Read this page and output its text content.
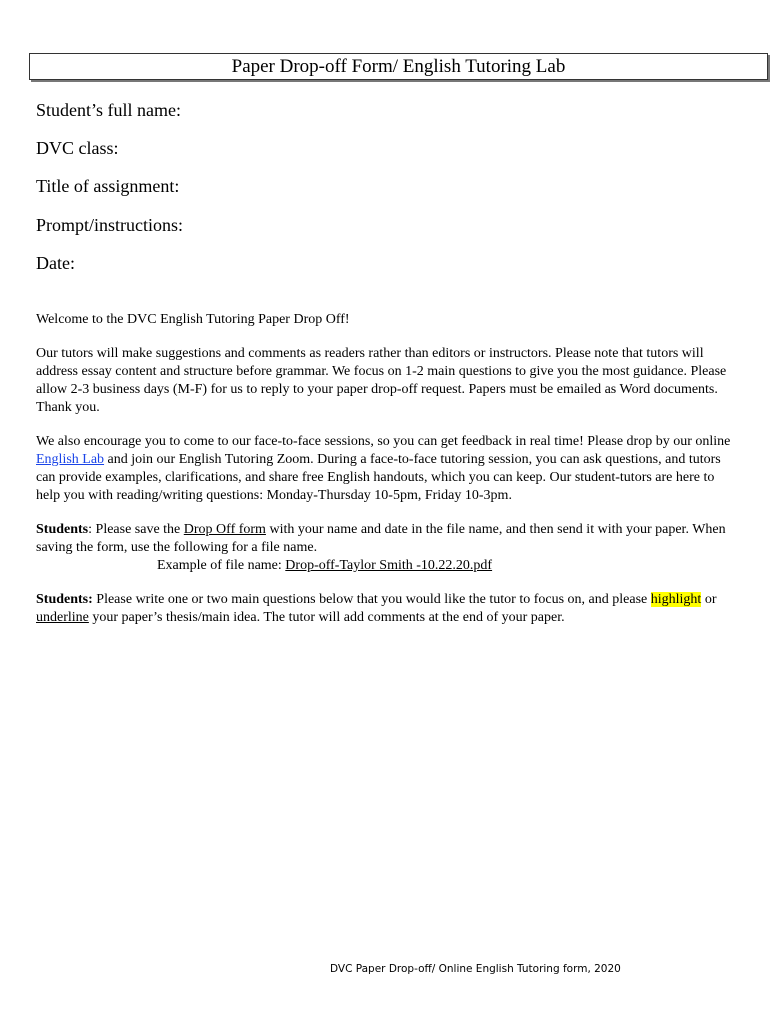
Paper Drop-off Form/ English Tutoring Lab
Student’s full name:
DVC class:
Title of assignment:
Prompt/instructions:
Date:

Welcome to the DVC English Tutoring Paper Drop Off!

Our tutors will make suggestions and comments as readers rather than editors or instructors. Please note that tutors will address essay content and structure before grammar. We focus on 1-2 main questions to give you the most guidance. Please allow 2-3 business days (M-F) for us to reply to your paper drop-off request. Papers must be emailed as Word documents. Thank you.

We also encourage you to come to our face-to-face sessions, so you can get feedback in real time! Please drop by our online English Lab and join our English Tutoring Zoom. During a face-to-face tutoring session, you can ask questions, and tutors can provide examples, clarifications, and share free English handouts, which you can keep. Our student-tutors are here to help you with reading/writing questions: Monday-Thursday 10-5pm, Friday 10-3pm.

Students: Please save the Drop Off form with your name and date in the file name, and then send it with your paper. When saving the form, use the following for a file name.
Example of file name: Drop-off-Taylor Smith -10.22.20.pdf

Students: Please write one or two main questions below that you would like the tutor to focus on, and please highlight or underline your paper’s thesis/main idea. The tutor will add comments at the end of your paper.

DVC Paper Drop-off/ Online English Tutoring form, 2020
